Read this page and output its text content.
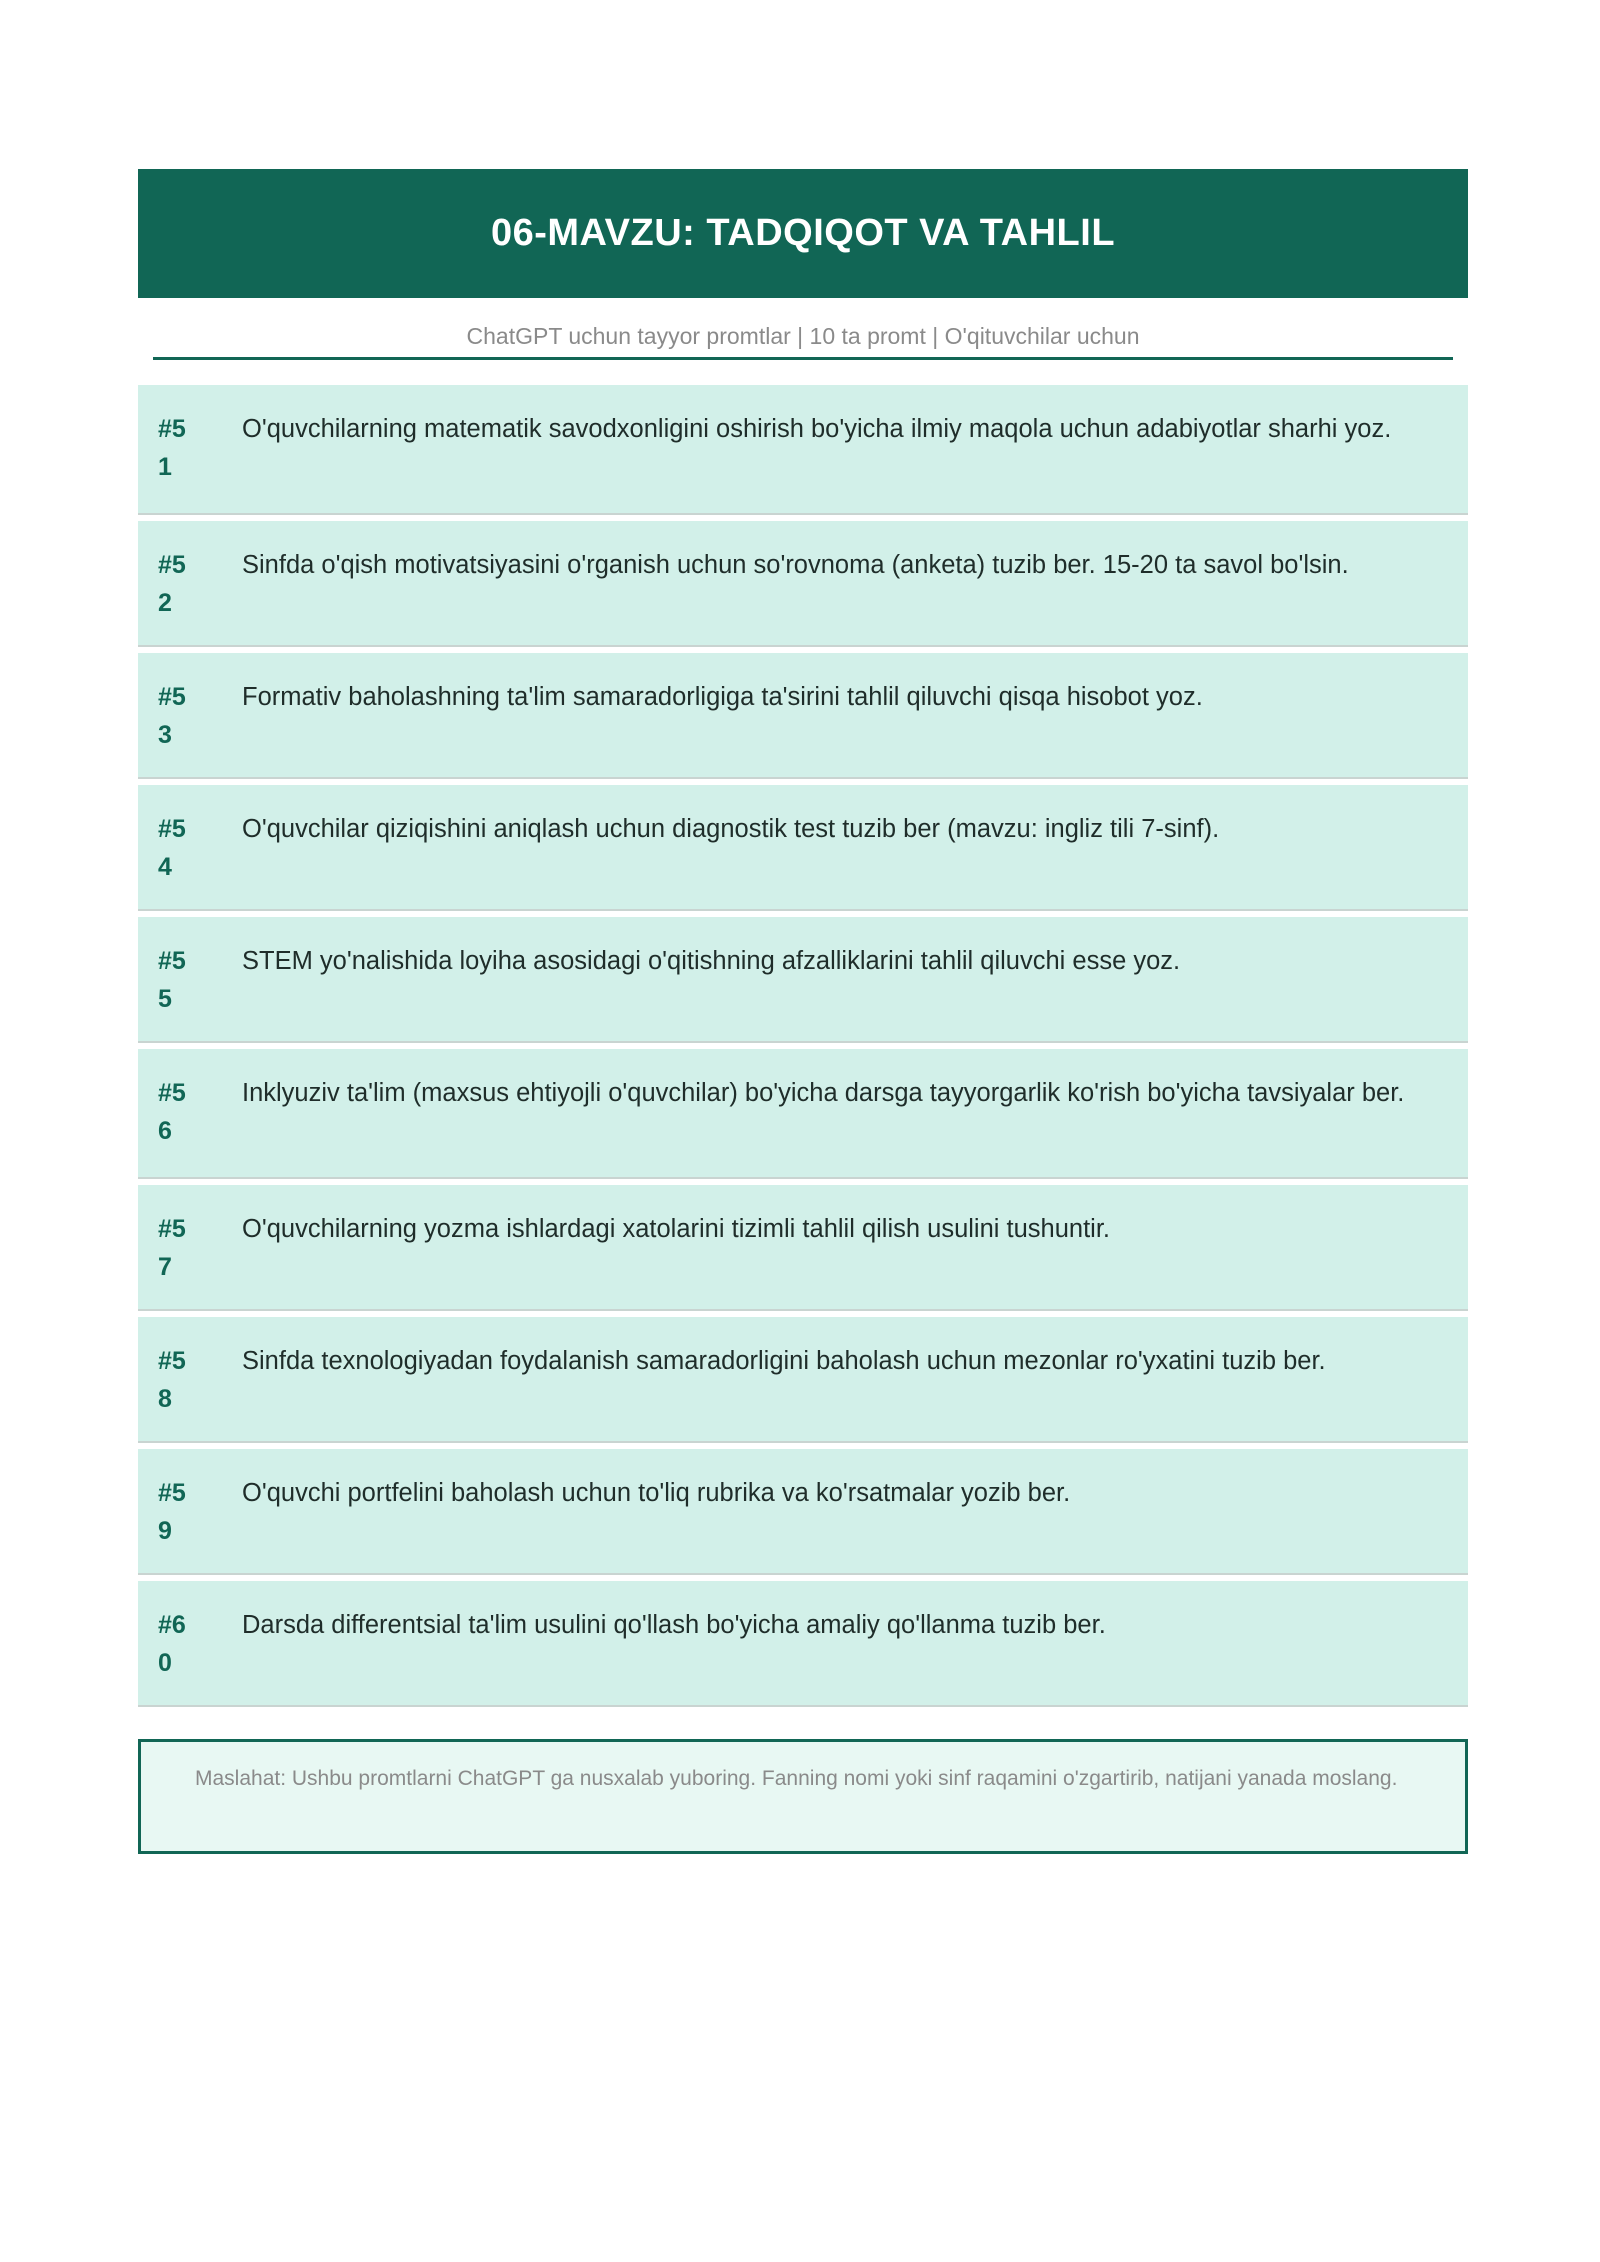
06-MAVZU: TADQIQOT VA TAHLIL
ChatGPT uchun tayyor promtlar | 10 ta promt | O'qituvchilar uchun
#5
1
O'quvchilarning matematik savodxonligini oshirish bo'yicha ilmiy maqola uchun adabiyotlar sharhi yoz.
#5
2
Sinfda o'qish motivatsiyasini o'rganish uchun so'rovnoma (anketa) tuzib ber. 15-20 ta savol bo'lsin.
#5
3
Formativ baholashning ta'lim samaradorligiga ta'sirini tahlil qiluvchi qisqa hisobot yoz.
#5
4
O'quvchilar qiziqishini aniqlash uchun diagnostik test tuzib ber (mavzu: ingliz tili 7-sinf).
#5
5
STEM yo'nalishida loyiha asosidagi o'qitishning afzalliklarini tahlil qiluvchi esse yoz.
#5
6
Inklyuziv ta'lim (maxsus ehtiyojli o'quvchilar) bo'yicha darsga tayyorgarlik ko'rish bo'yicha tavsiyalar ber.
#5
7
O'quvchilarning yozma ishlardagi xatolarini tizimli tahlil qilish usulini tushuntir.
#5
8
Sinfda texnologiyadan foydalanish samaradorligini baholash uchun mezonlar ro'yxatini tuzib ber.
#5
9
O'quvchi portfelini baholash uchun to'liq rubrika va ko'rsatmalar yozib ber.
#6
0
Darsda differentsial ta'lim usulini qo'llash bo'yicha amaliy qo'llanma tuzib ber.
Maslahat: Ushbu promtlarni ChatGPT ga nusxalab yuboring. Fanning nomi yoki sinf raqamini o'zgartirib, natijani yanada moslang.
